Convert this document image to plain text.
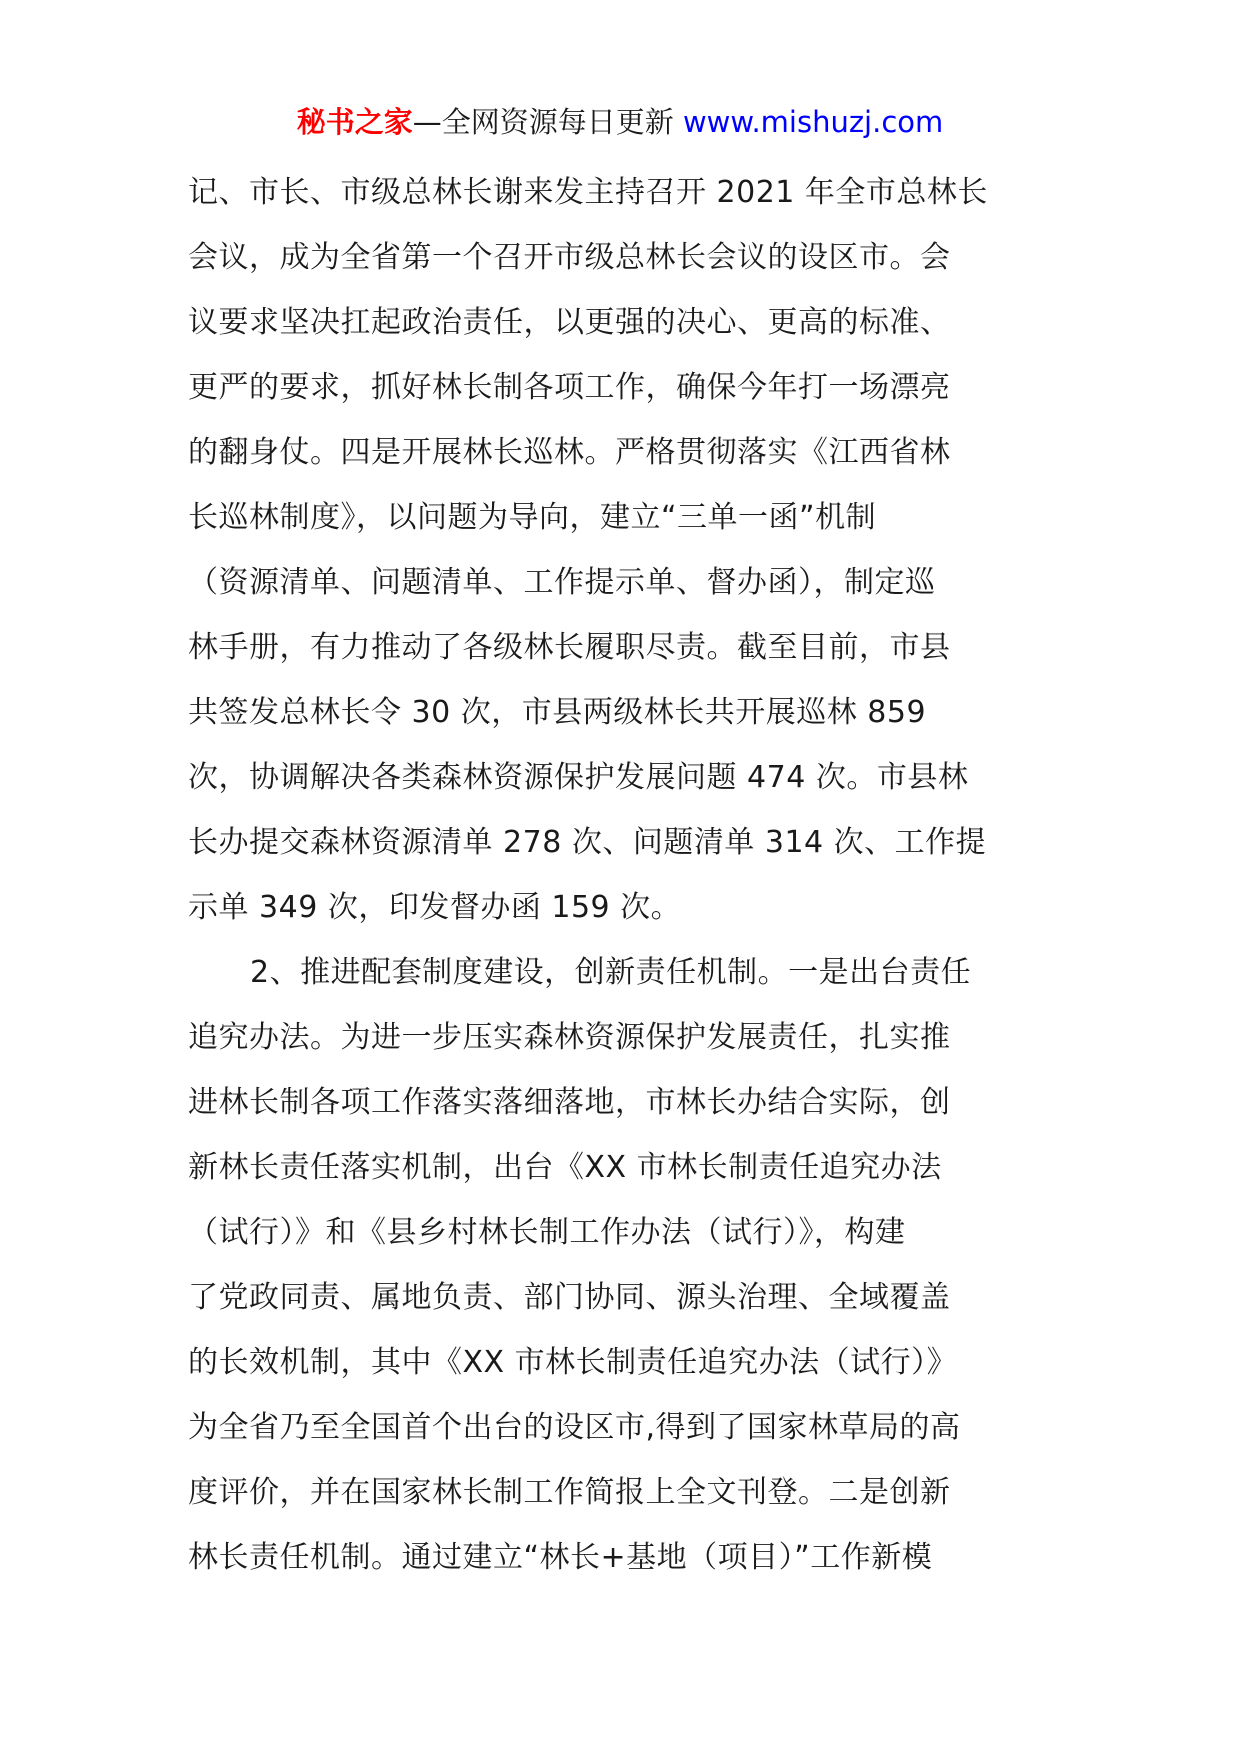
秘书之家—全网资源每日更新 www.mishuzj.com
记、市长、市级总林长谢来发主持召开 2021 年全市总林长
会议，成为全省第一个召开市级总林长会议的设区市。会
议要求坚决扛起政治责任，以更强的决心、更高的标准、
更严的要求，抓好林长制各项工作，确保今年打一场漂亮
的翻身仗。四是开展林长巡林。严格贯彻落实《江西省林
长巡林制度》，以问题为导向，建立“三单一函”机制
（资源清单、问题清单、工作提示单、督办函），制定巡
林手册，有力推动了各级林长履职尽责。截至目前，市县
共签发总林长令 30 次，市县两级林长共开展巡林 859
次，协调解决各类森林资源保护发展问题 474 次。市县林
长办提交森林资源清单 278 次、问题清单 314 次、工作提
示单 349 次，印发督办函 159 次。
2、推进配套制度建设，创新责任机制。一是出台责任
追究办法。为进一步压实森林资源保护发展责任，扎实推
进林长制各项工作落实落细落地，市林长办结合实际，创
新林长责任落实机制，出台《XX 市林长制责任追究办法
（试行）》和《县乡村林长制工作办法（试行）》，构建
了党政同责、属地负责、部门协同、源头治理、全域覆盖
的长效机制，其中《XX 市林长制责任追究办法（试行）》
为全省乃至全国首个出台的设区市,得到了国家林草局的高
度评价，并在国家林长制工作简报上全文刊登。二是创新
林长责任机制。通过建立“林长+基地（项目）”工作新模
